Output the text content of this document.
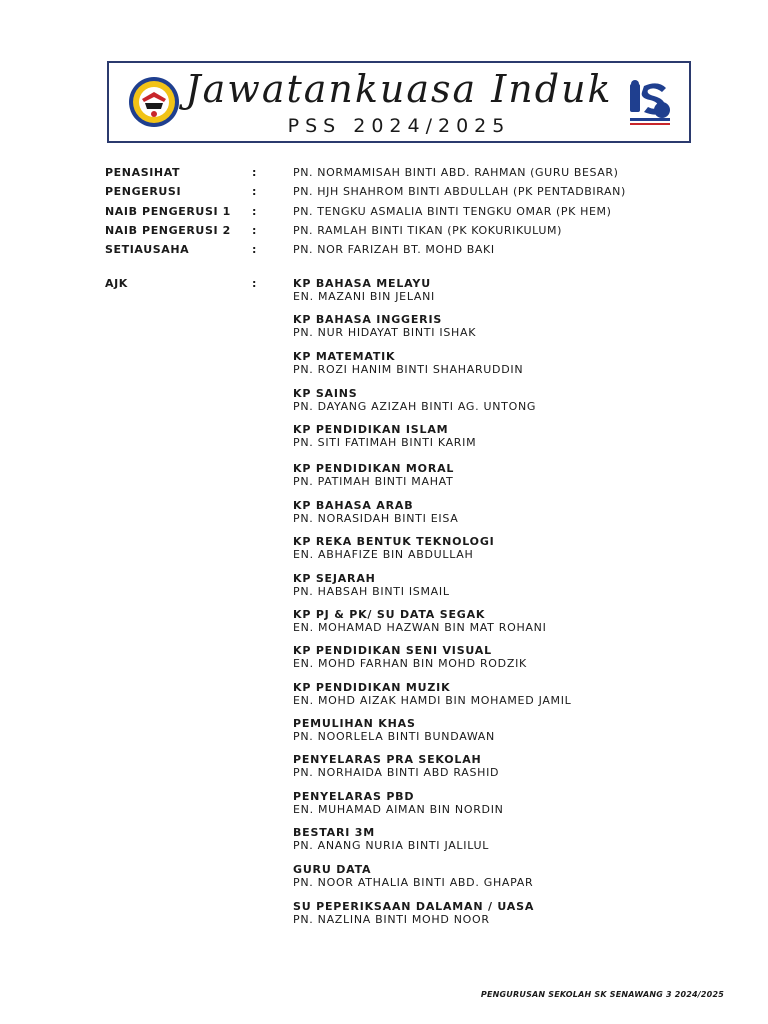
Jawatankuasa Induk
PSS 2024/2025
PENASIHAT	:	PN. NORMAMISAH BINTI ABD. RAHMAN (GURU BESAR)
PENGERUSI	:	PN. HJH SHAHROM BINTI ABDULLAH (PK PENTADBIRAN)
NAIB PENGERUSI 1 :	PN. TENGKU ASMALIA BINTI TENGKU OMAR (PK HEM)
NAIB PENGERUSI 2 :	PN. RAMLAH BINTI TIKAN (PK KOKURIKULUM)
SETIAUSAHA	:	PN. NOR FARIZAH BT. MOHD BAKI
AJK	:	KP BAHASA MELAYU
EN. MAZANI BIN JELANI
KP BAHASA INGGERIS
PN. NUR HIDAYAT BINTI ISHAK
KP MATEMATIK
PN. ROZI HANIM BINTI SHAHARUDDIN
KP SAINS
PN. DAYANG AZIZAH BINTI AG. UNTONG
KP PENDIDIKAN ISLAM
PN. SITI FATIMAH BINTI KARIM
KP PENDIDIKAN MORAL
PN. PATIMAH BINTI MAHAT
KP BAHASA ARAB
PN. NORASIDAH BINTI EISA
KP REKA BENTUK TEKNOLOGI
EN. ABHAFIZE BIN ABDULLAH
KP SEJARAH
PN. HABSAH BINTI ISMAIL
KP PJ & PK/ SU DATA SEGAK
EN. MOHAMAD HAZWAN BIN MAT ROHANI
KP PENDIDIKAN SENI VISUAL
EN. MOHD FARHAN BIN MOHD RODZIK
KP PENDIDIKAN MUZIK
EN. MOHD AIZAK HAMDI BIN MOHAMED JAMIL
PEMULIHAN KHAS
PN. NOORLELA BINTI BUNDAWAN
PENYELARAS PRA SEKOLAH
PN. NORHAIDA BINTI ABD RASHID
PENYELARAS PBD
EN. MUHAMAD AIMAN BIN NORDIN
BESTARI 3M
PN. ANANG NURIA BINTI JALILUL
GURU DATA
PN. NOOR ATHALIA BINTI ABD. GHAPAR
SU PEPERIKSAAN DALAMAN / UASA
PN. NAZLINA BINTI MOHD NOOR
PENGURUSAN SEKOLAH SK SENAWANG 3 2024/2025
